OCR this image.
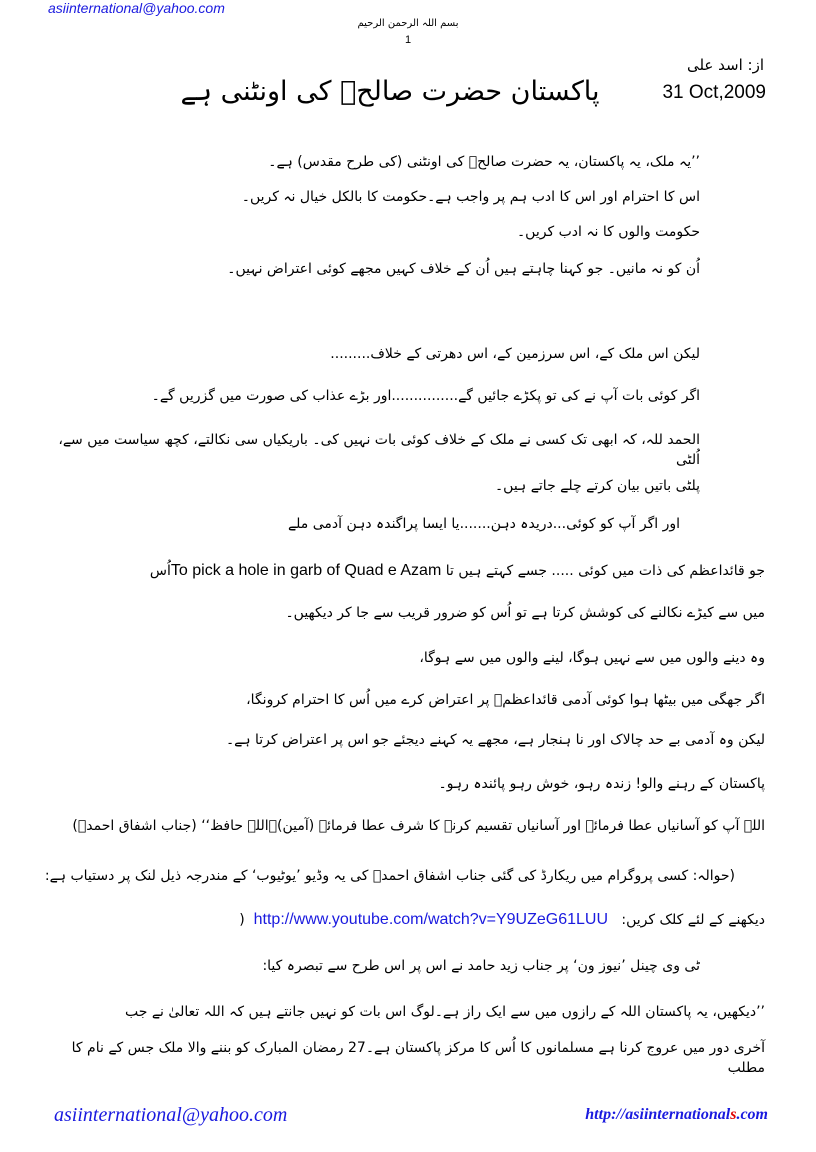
asiinternational@yahoo.com
بسم اللہ الرحمن الرحیم
1
از: اسد علی
31 Oct,2009
پاکستان حضرت صالحؑ کی اونٹنی ہے
’’یہ ملک، یہ پاکستان، یہ حضرت صالحؑ کی اونٹنی (کی طرح مقدس) ہے۔
اس کا احترام اور اس کا ادب ہم پر واجب ہے۔حکومت کا بالکل خیال نہ کریں۔
حکومت والوں کا نہ ادب کریں۔
اُن کو نہ مانیں۔ جو کہنا چاہتے ہیں اُن کے خلاف کہیں مجھے کوئی اعتراض نہیں۔
لیکن اس ملک کے، اس سرزمین کے، اس دھرتی کے خلاف.........
اگر کوئی بات آپ نے کی تو پکڑے جائیں گے...............اور بڑے عذاب کی صورت میں گزریں گے۔
الحمد للہ، کہ ابھی تک کسی نے ملک کے خلاف کوئی بات نہیں کی۔ باریکیاں سی نکالتے، کچھ سیاست میں سے، اُلٹی
پلٹی باتیں بیان کرتے چلے جاتے ہیں۔
اور اگر آپ کو کوئی...دریدہ دہن.......یا ایسا پراگندہ دہن آدمی ملے
جو قائداعظم کی ذات میں کوئی ..... جسے کہتے ہیں تا To pick a hole in garb of Quad e Azamاُس
میں سے کیڑے نکالنے کی کوشش کرتا ہے تو اُس کو ضرور قریب سے جا کر دیکھیں۔
وہ دینے والوں میں سے نہیں ہوگا، لینے والوں میں سے ہوگا،
اگر جھگی میں بیٹھا ہوا کوئی آدمی قائداعظمؒ پر اعتراض کرے میں اُس کا احترام کرونگا،
لیکن وہ آدمی بے حد چالاک اور نا ہنجار ہے، مجھے یہ کہنے دیجئے جو اس پر اعتراض کرتا ہے۔
پاکستان کے رہنے والو! زندہ رہو، خوش رہو پائندہ رہو۔
اللہ آپ کو آسانیاں عطا فرمائے اور آسانیاں تقسیم کرنے کا شرف عطا فرمائے (آمین)۔اللہ حافظ‘‘ (جناب اشفاق احمدؒ)
(حوالہ: کسی پروگرام میں ریکارڈ کی گئی جناب اشفاق احمدؒ کی یہ وڈیو ’یوٹیوب‘ کے مندرجہ ذیل لنک پر دستیاب ہے:
دیکھنے کے لئے کلک کریں:   http://www.youtube.com/watch?v=Y9UZeG61LUU  (
ٹی وی چینل ’نیوز ون‘ پر جناب زید حامد نے اس پر اس طرح سے تبصرہ کیا:
’’دیکھیں، یہ پاکستان اللہ کے رازوں میں سے ایک راز ہے۔لوگ اس بات کو نہیں جانتے ہیں کہ اللہ تعالیٰ نے جب
آخری دور میں عروج کرنا ہے مسلمانوں کا اُس کا مرکز پاکستان ہے۔27 رمضان المبارک کو بننے والا ملک جس کے نام کا مطلب
asiinternational@yahoo.com	http://asiinternationals.com
